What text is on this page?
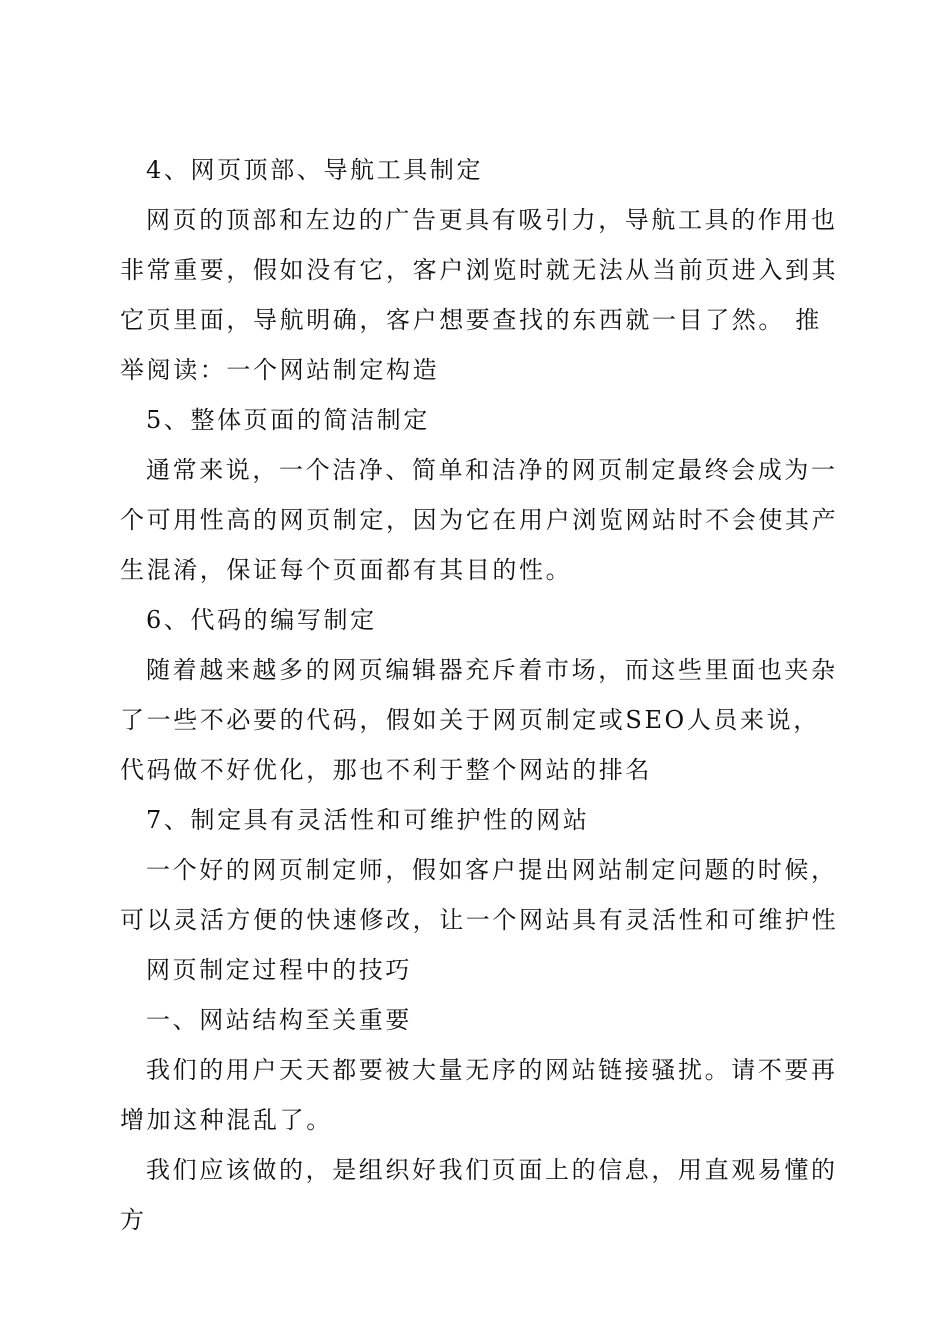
4、网页顶部、导航工具制定

网页的顶部和左边的广告更具有吸引力，导航工具的作用也非常重要，假如没有它，客户浏览时就无法从当前页进入到其它页里面，导航明确，客户想要查找的东西就一目了然。 推举阅读：一个网站制定构造

5、整体页面的简洁制定

通常来说，一个洁净、简单和洁净的网页制定最终会成为一个可用性高的网页制定，因为它在用户浏览网站时不会使其产生混淆，保证每个页面都有其目的性。

6、代码的编写制定

随着越来越多的网页编辑器充斥着市场，而这些里面也夹杂了一些不必要的代码，假如关于网页制定或SEO人员来说，代码做不好优化，那也不利于整个网站的排名

7、制定具有灵活性和可维护性的网站

一个好的网页制定师，假如客户提出网站制定问题的时候，可以灵活方便的快速修改，让一个网站具有灵活性和可维护性

网页制定过程中的技巧

一、网站结构至关重要

我们的用户天天都要被大量无序的网站链接骚扰。请不要再增加这种混乱了。

我们应该做的，是组织好我们页面上的信息，用直观易懂的方
